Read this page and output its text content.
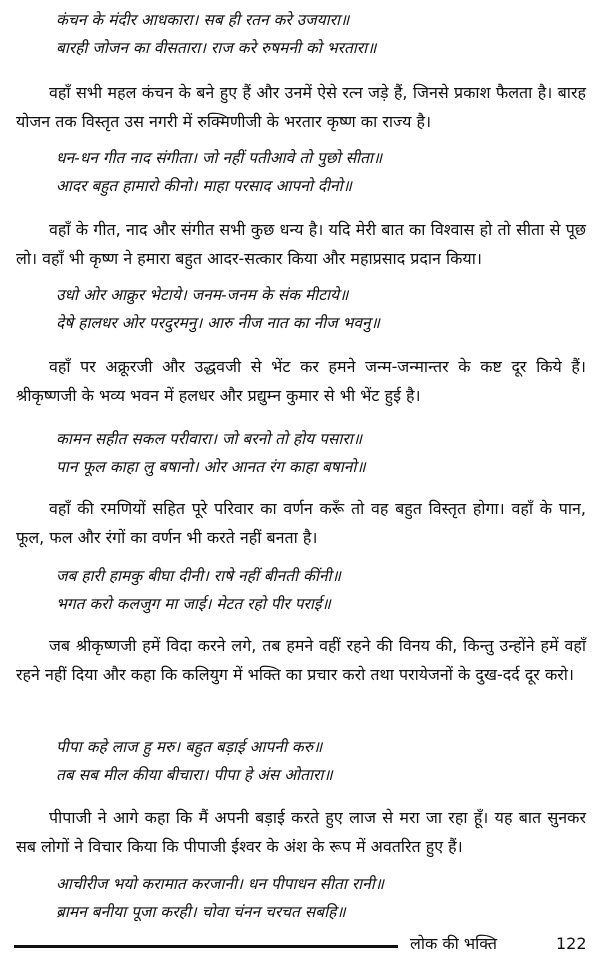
कंचन के मंदीर आधकारा। सब ही रतन करे उजयारा॥
बारही जोजन का वीसतारा। राज करे रुषमनी को भरतारा॥

वहाँ सभी महल कंचन के बने हुए हैं और उनमें ऐसे रत्न जड़े हैं, जिनसे प्रकाश फैलता है। बारह योजन तक विस्तृत उस नगरी में रुक्मिणीजी के भरतार कृष्ण का राज्य है।

धन-धन गीत नाद संगीता। जो नहीं पतीआवे तो पुछो सीता॥
आदर बहुत हामारो कीनो। माहा परसाद आपनो दीनो॥

वहाँ के गीत, नाद और संगीत सभी कुछ धन्य है। यदि मेरी बात का विश्वास हो तो सीता से पूछ लो। वहाँ भी कृष्ण ने हमारा बहुत आदर-सत्कार किया और महाप्रसाद प्रदान किया।

उधो ओर आक्रुर भेटाये। जनम-जनम के संक मीटाये॥
देषे हालधर ओर परदुरमनु। आरु नीज नात का नीज भवनु॥

वहाँ पर अक्रूरजी और उद्धवजी से भेंट कर हमने जन्म-जन्मान्तर के कष्ट दूर किये हैं। श्रीकृष्णजी के भव्य भवन में हलधर और प्रद्युम्न कुमार से भी भेंट हुई है।

कामन सहीत सकल परीवारा। जो बरनो तो होय पसारा॥
पान फूल काहा लु बषानो। ओर आनत रंग काहा बषानो॥

वहाँ की रमणियों सहित पूरे परिवार का वर्णन करूँ तो वह बहुत विस्तृत होगा। वहाँ के पान, फूल, फल और रंगों का वर्णन भी करते नहीं बनता है।

जब हारी हामकु बीघा दीनी। राषे नहीं बीनती कींनी॥
भगत करो कलजुग मा जाई। मेटत रहो पीर पराई॥

जब श्रीकृष्णजी हमें विदा करने लगे, तब हमने वहीं रहने की विनय की, किन्तु उन्होंने हमें वहाँ रहने नहीं दिया और कहा कि कलियुग में भक्ति का प्रचार करो तथा परायेजनों के दुख-दर्द दूर करो।

पीपा कहे लाज हु मरु। बहुत बड़ाई आपनी करु॥
तब सब मील कीया बीचारा। पीपा हे अंस ओतारा॥

पीपाजी ने आगे कहा कि मैं अपनी बड़ाई करते हुए लाज से मरा जा रहा हूँ। यह बात सुनकर सब लोगों ने विचार किया कि पीपाजी ईश्वर के अंश के रूप में अवतरित हुए हैं।

आचीरीज भयो करामात करजानी। धन पीपाधन सीता रानी॥
ब्रामन बनीया पूजा करही। चोवा चंनन चरचत सबहि॥
लोक की भक्ति	122
